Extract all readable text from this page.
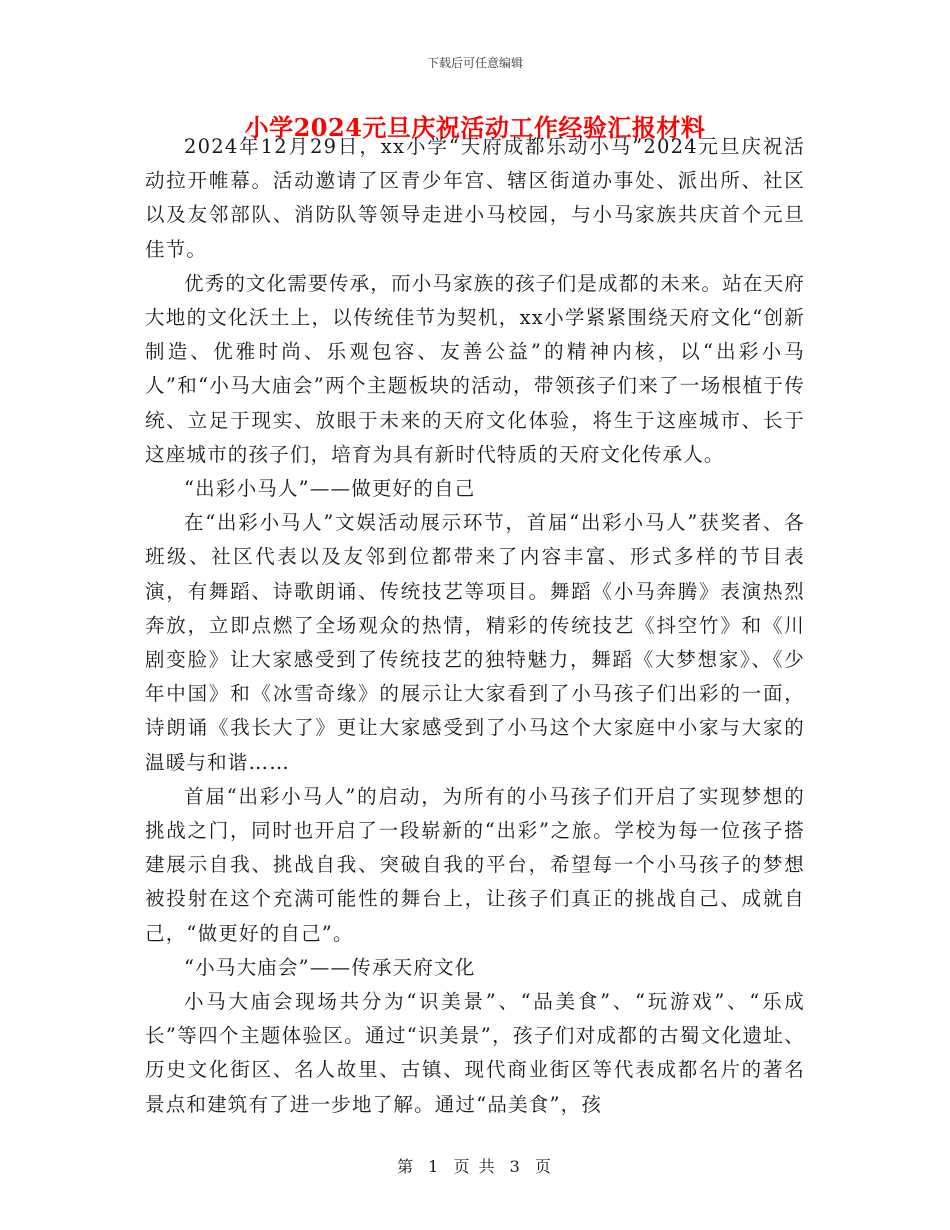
下载后可任意编辑
小学2024元旦庆祝活动工作经验汇报材料

2024年12月29日，xx小学“天府成都乐动小马”2024元旦庆祝活动拉开帷幕。活动邀请了区青少年宫、辖区街道办事处、派出所、社区以及友邻部队、消防队等领导走进小马校园，与小马家族共庆首个元旦佳节。

优秀的文化需要传承，而小马家族的孩子们是成都的未来。站在天府大地的文化沃土上，以传统佳节为契机，xx小学紧紧围绕天府文化“创新制造、优雅时尚、乐观包容、友善公益”的精神内核，以“出彩小马人”和“小马大庙会”两个主题板块的活动，带领孩子们来了一场根植于传统、立足于现实、放眼于未来的天府文化体验，将生于这座城市、长于这座城市的孩子们，培育为具有新时代特质的天府文化传承人。

“出彩小马人”——做更好的自己

在“出彩小马人”文娱活动展示环节，首届“出彩小马人”获奖者、各班级、社区代表以及友邻到位都带来了内容丰富、形式多样的节目表演，有舞蹈、诗歌朗诵、传统技艺等项目。舞蹈《小马奔腾》表演热烈奔放，立即点燃了全场观众的热情，精彩的传统技艺《抖空竹》和《川剧变脸》让大家感受到了传统技艺的独特魅力，舞蹈《大梦想家》、《少年中国》和《冰雪奇缘》的展示让大家看到了小马孩子们出彩的一面，诗朗诵《我长大了》更让大家感受到了小马这个大家庭中小家与大家的温暖与和谐……

首届“出彩小马人”的启动，为所有的小马孩子们开启了实现梦想的挑战之门，同时也开启了一段崭新的“出彩”之旅。学校为每一位孩子搭建展示自我、挑战自我、突破自我的平台，希望每一个小马孩子的梦想被投射在这个充满可能性的舞台上，让孩子们真正的挑战自己、成就自己，“做更好的自己”。

“小马大庙会”——传承天府文化

小马大庙会现场共分为“识美景”、“品美食”、“玩游戏”、“乐成长”等四个主题体验区。通过“识美景”，孩子们对成都的古蜀文化遗址、历史文化街区、名人故里、古镇、现代商业街区等代表成都名片的著名景点和建筑有了进一步地了解。通过“品美食”，孩

第 1 页 共 3 页
